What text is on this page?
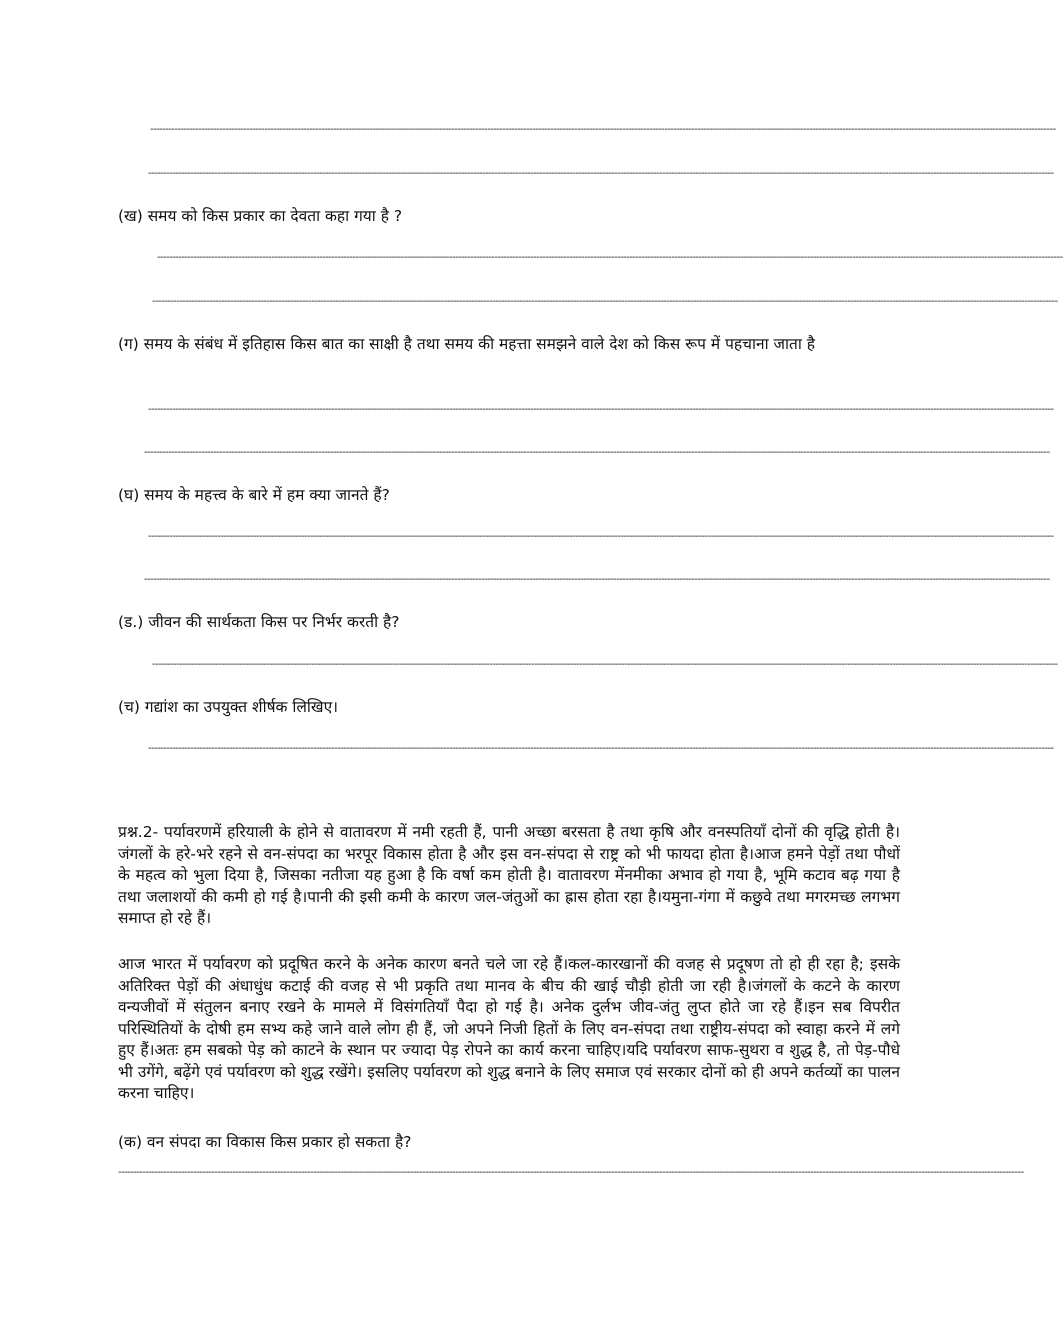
-------------------------------------------------------------------------------------------------------------------------------------------------------------------------------------------------------------------------------------------------------------------------------------------------------------
-------------------------------------------------------------------------------------------------------------------------------------------------------------------------------------------------------------------------------------------------------------------------------------------------------------
(ख) समय को किस प्रकार का देवता कहा गया है ?
-------------------------------------------------------------------------------------------------------------------------------------------------------------------------------------------------------------------------------------------------------------------------------------------------------------
-------------------------------------------------------------------------------------------------------------------------------------------------------------------------------------------------------------------------------------------------------------------------------------------------------------
(ग) समय के संबंध में इतिहास किस बात का साक्षी है तथा समय की महत्ता समझने वाले देश को किस रूप में पहचाना जाता है
-------------------------------------------------------------------------------------------------------------------------------------------------------------------------------------------------------------------------------------------------------------------------------------------------------------
-------------------------------------------------------------------------------------------------------------------------------------------------------------------------------------------------------------------------------------------------------------------------------------------------------------
(घ) समय के महत्त्व के बारे में हम क्या जानते हैं?
-------------------------------------------------------------------------------------------------------------------------------------------------------------------------------------------------------------------------------------------------------------------------------------------------------------
-------------------------------------------------------------------------------------------------------------------------------------------------------------------------------------------------------------------------------------------------------------------------------------------------------------
(ड.) जीवन की सार्थकता किस पर निर्भर करती है?
-------------------------------------------------------------------------------------------------------------------------------------------------------------------------------------------------------------------------------------------------------------------------------------------------------------
(च) गद्यांश का उपयुक्त शीर्षक लिखिए।
-------------------------------------------------------------------------------------------------------------------------------------------------------------------------------------------------------------------------------------------------------------------------------------------------------------
प्रश्न.2- पर्यावरणमें हरियाली के होने से वातावरण में नमी रहती हैं, पानी अच्छा बरसता है तथा कृषि और वनस्पतियाँ दोनों की वृद्धि होती है।जंगलों के हरे-भरे रहने से वन-संपदा का भरपूर विकास होता है और इस वन-संपदा से राष्ट्र को भी फायदा होता है।आज हमने पेड़ों तथा पौधों के महत्व को भुला दिया है, जिसका नतीजा यह हुआ है कि वर्षा कम होती है। वातावरण मेंनमीका अभाव हो गया है, भूमि कटाव बढ़ गया है तथा जलाशयों की कमी हो गई है।पानी की इसी कमी के कारण जल-जंतुओं का ह्रास होता रहा है।यमुना-गंगा में कछुवे तथा मगरमच्छ लगभग समाप्त हो रहे हैं।
आज भारत में पर्यावरण को प्रदूषित करने के अनेक कारण बनते चले जा रहे हैं।कल-कारखानों की वजह से प्रदूषण तो हो ही रहा है; इसके अतिरिक्त पेड़ों की अंधाधुंध कटाई की वजह से भी प्रकृति तथा मानव के बीच की खाई चौड़ी होती जा रही है।जंगलों के कटने के कारण वन्यजीवों में संतुलन बनाए रखने के मामले में विसंगतियाँ पैदा हो गई है। अनेक दुर्लभ जीव-जंतु लुप्त होते जा रहे हैं।इन सब विपरीत परिस्थितियों के दोषी हम सभ्य कहे जाने वाले लोग ही हैं, जो अपने निजी हितों के लिए वन-संपदा तथा राष्ट्रीय-संपदा को स्वाहा करने में लगे हुए हैं।अतः हम सबको पेड़ को काटने के स्थान पर ज्यादा पेड़ रोपने का कार्य करना चाहिए।यदि पर्यावरण साफ-सुथरा व शुद्ध है, तो पेड़-पौधे भी उगेंगे, बढ़ेंगे एवं पर्यावरण को शुद्ध रखेंगे। इसलिए पर्यावरण को शुद्ध बनाने के लिए समाज एवं सरकार दोनों को ही अपने कर्तव्यों का पालन करना चाहिए।
(क) वन संपदा का विकास किस प्रकार हो सकता है?
-------------------------------------------------------------------------------------------------------------------------------------------------------------------------------------------------------------------------------------------------------------------------------------------------------------
